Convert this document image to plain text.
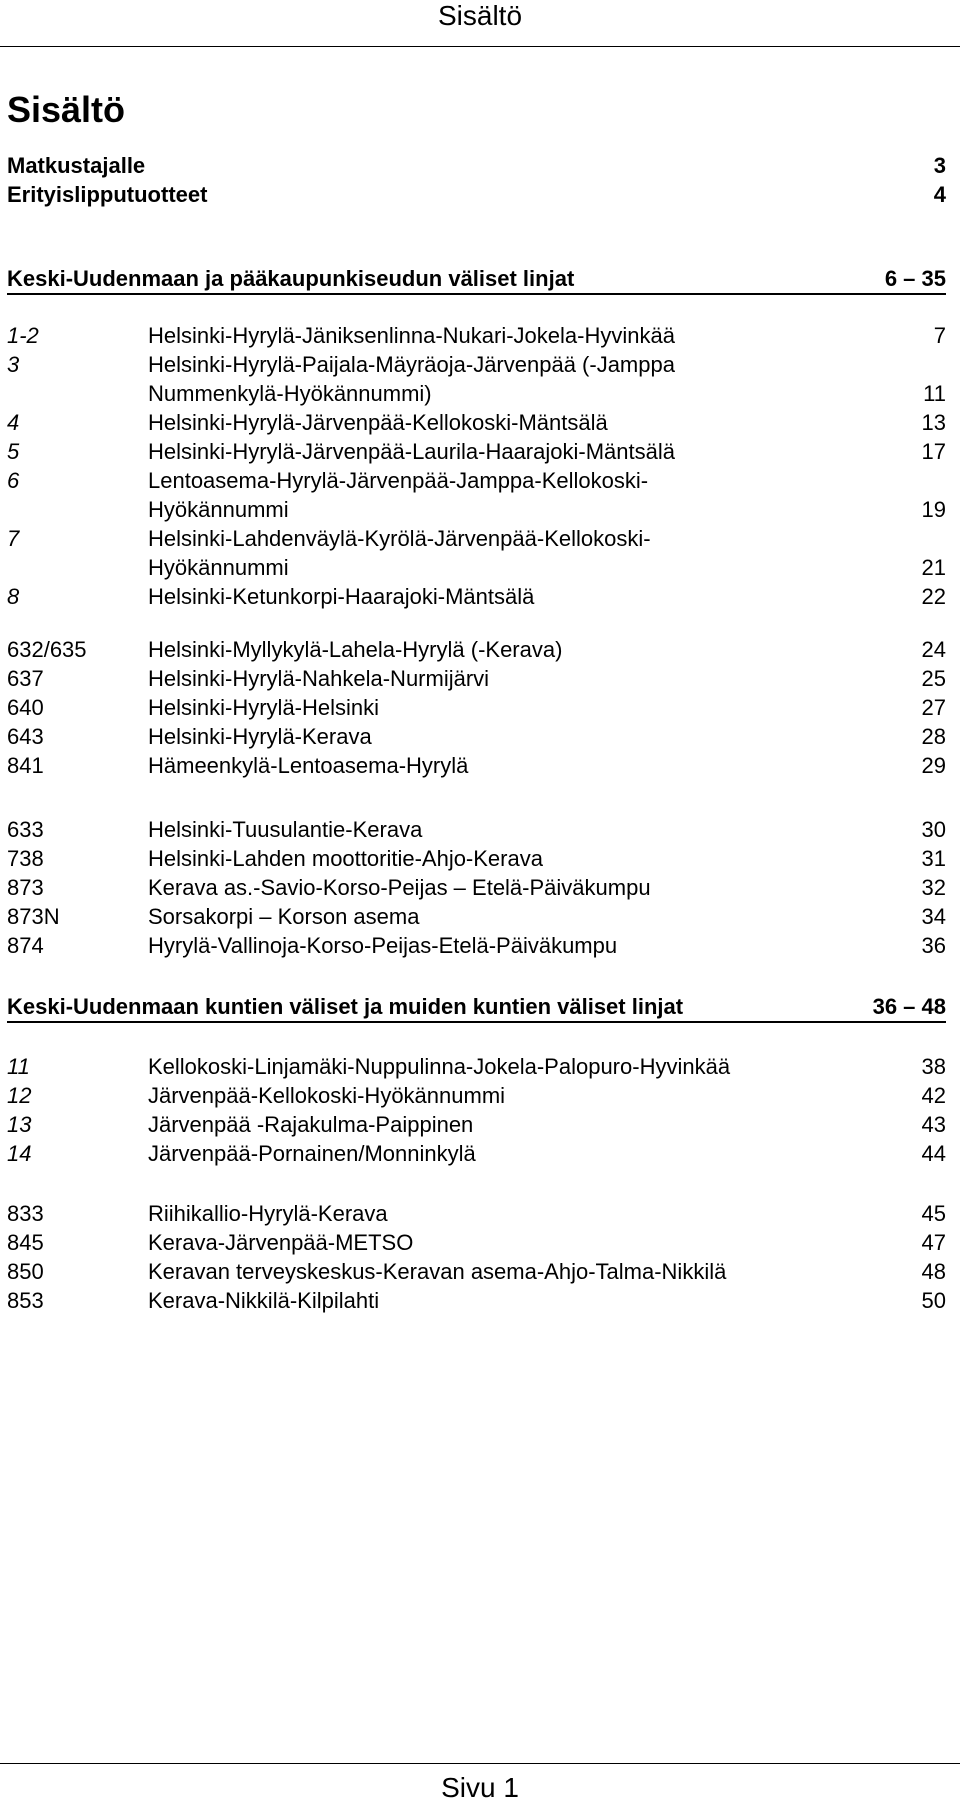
Sisältö
Sisältö
Matkustajalle	3
Erityislipputuotteet	4
Keski-Uudenmaan ja pääkaupunkiseudun väliset linjat	6 – 35
1-2	Helsinki-Hyrylä-Jäniksenlinna-Nukari-Jokela-Hyvinkää	7
3	Helsinki-Hyrylä-Paijala-Mäyräoja-Järvenpää (-Jamppa
Nummenkylä-Hyökännummi)	11
4	Helsinki-Hyrylä-Järvenpää-Kellokoski-Mäntsälä	13
5	Helsinki-Hyrylä-Järvenpää-Laurila-Haarajoki-Mäntsälä	17
6	Lentoasema-Hyrylä-Järvenpää-Jamppa-Kellokoski-
Hyökännummi	19
7	Helsinki-Lahdenväylä-Kyrölä-Järvenpää-Kellokoski-
Hyökännummi	21
8	Helsinki-Ketunkorpi-Haarajoki-Mäntsälä	22
632/635	Helsinki-Myllykylä-Lahela-Hyrylä (-Kerava)	24
637	Helsinki-Hyrylä-Nahkela-Nurmijärvi	25
640	Helsinki-Hyrylä-Helsinki	27
643	Helsinki-Hyrylä-Kerava	28
841	Hämeenkylä-Lentoasema-Hyrylä	29
633	Helsinki-Tuusulantie-Kerava	30
738	Helsinki-Lahden moottoritie-Ahjo-Kerava	31
873	Kerava as.-Savio-Korso-Peijas – Etelä-Päiväkumpu	32
873N	Sorsakorpi – Korson asema	34
874	Hyrylä-Vallinoja-Korso-Peijas-Etelä-Päiväkumpu	36
Keski-Uudenmaan kuntien väliset ja muiden kuntien väliset linjat	36 – 48
11	Kellokoski-Linjamäki-Nuppulinna-Jokela-Palopuro-Hyvinkää	38
12	Järvenpää-Kellokoski-Hyökännummi	42
13	Järvenpää -Rajakulma-Paippinen	43
14	Järvenpää-Pornainen/Monninkylä	44
833	Riihikallio-Hyrylä-Kerava	45
845	Kerava-Järvenpää-METSO	47
850	Keravan terveyskeskus-Keravan asema-Ahjo-Talma-Nikkilä	48
853	Kerava-Nikkilä-Kilpilahti	50
Sivu 1
